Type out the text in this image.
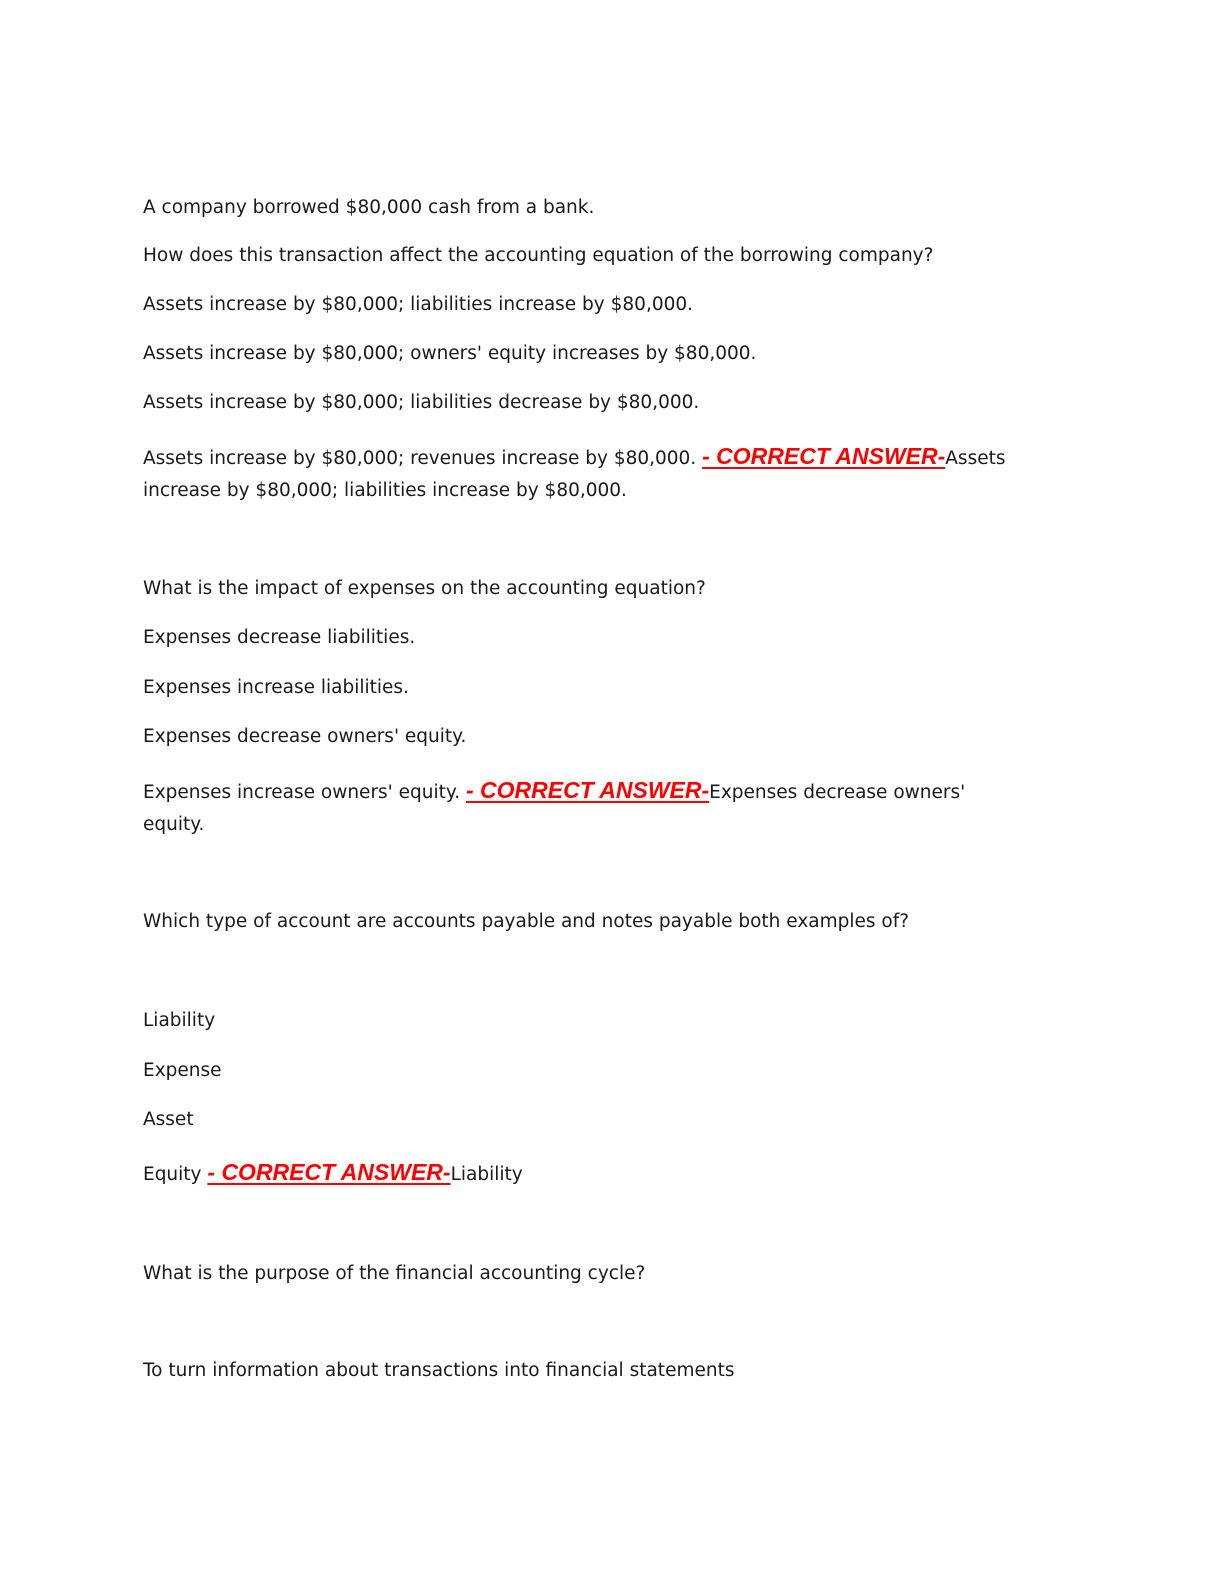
A company borrowed $80,000 cash from a bank.

How does this transaction affect the accounting equation of the borrowing company?

Assets increase by $80,000; liabilities increase by $80,000.

Assets increase by $80,000; owners' equity increases by $80,000.

Assets increase by $80,000; liabilities decrease by $80,000.

Assets increase by $80,000; revenues increase by $80,000. - CORRECT ANSWER-Assets

increase by $80,000; liabilities increase by $80,000.

What is the impact of expenses on the accounting equation?

Expenses decrease liabilities.

Expenses increase liabilities.

Expenses decrease owners' equity.

Expenses increase owners' equity. - CORRECT ANSWER-Expenses decrease owners'

equity.

Which type of account are accounts payable and notes payable both examples of?

Liability

Expense

Asset

Equity - CORRECT ANSWER-Liability

What is the purpose of the financial accounting cycle?

To turn information about transactions into financial statements
